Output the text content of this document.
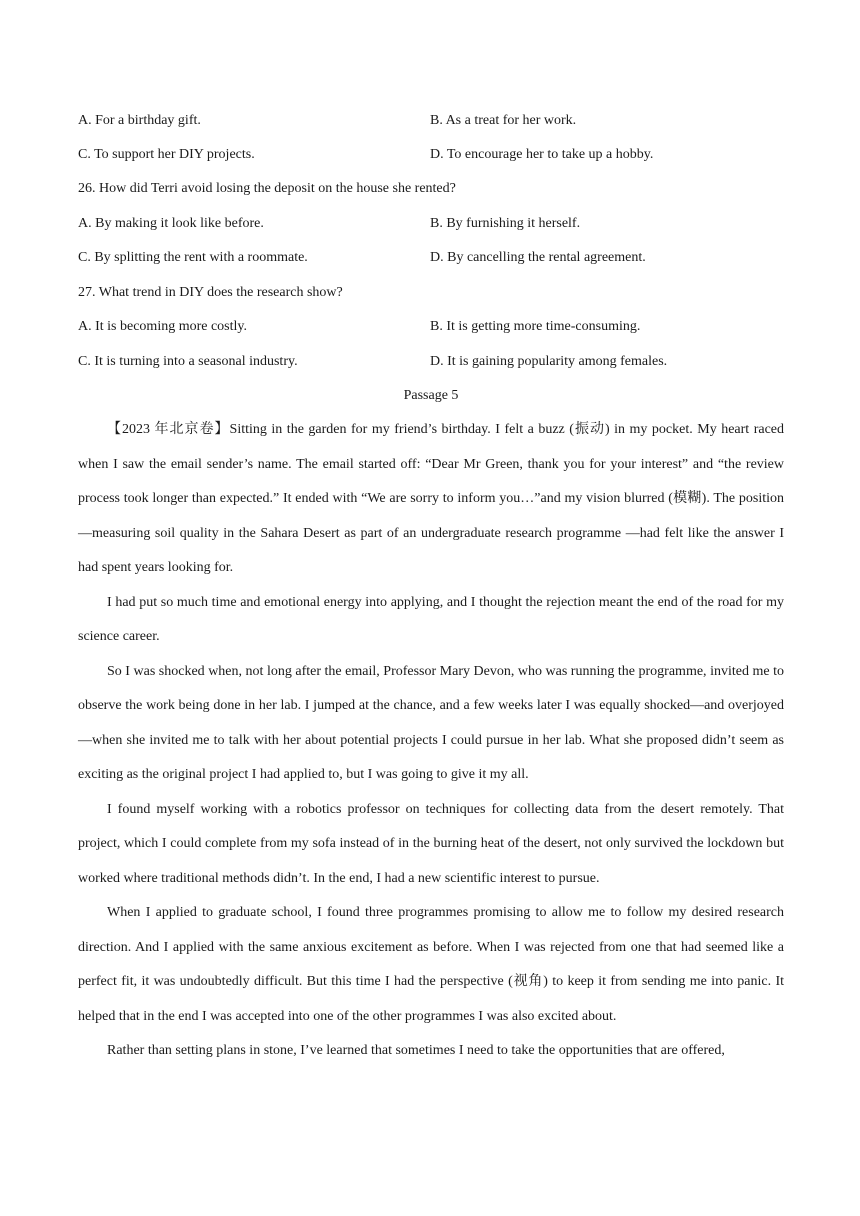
A. For a birthday gift.	B. As a treat for her work.
C. To support her DIY projects.	D. To encourage her to take up a hobby.
26. How did Terri avoid losing the deposit on the house she rented?
A. By making it look like before.	B. By furnishing it herself.
C. By splitting the rent with a roommate.	D. By cancelling the rental agreement.
27. What trend in DIY does the research show?
A. It is becoming more costly.	B. It is getting more time-consuming.
C. It is turning into a seasonal industry.	D. It is gaining popularity among females.
Passage 5

【2023 年北京卷】Sitting in the garden for my friend’s birthday. I felt a buzz (振动) in my pocket. My heart raced when I saw the email sender’s name. The email started off: “Dear Mr Green, thank you for your interest” and “the review process took longer than expected.” It ended with “We are sorry to inform you…”and my vision blurred (模糊). The position—measuring soil quality in the Sahara Desert as part of an undergraduate research programme —had felt like the answer I had spent years looking for.

I had put so much time and emotional energy into applying, and I thought the rejection meant the end of the road for my science career.

So I was shocked when, not long after the email, Professor Mary Devon, who was running the programme, invited me to observe the work being done in her lab. I jumped at the chance, and a few weeks later I was equally shocked—and overjoyed—when she invited me to talk with her about potential projects I could pursue in her lab. What she proposed didn’t seem as exciting as the original project I had applied to, but I was going to give it my all.

I found myself working with a robotics professor on techniques for collecting data from the desert remotely. That project, which I could complete from my sofa instead of in the burning heat of the desert, not only survived the lockdown but worked where traditional methods didn’t. In the end, I had a new scientific interest to pursue.

When I applied to graduate school, I found three programmes promising to allow me to follow my desired research direction. And I applied with the same anxious excitement as before. When I was rejected from one that had seemed like a perfect fit, it was undoubtedly difficult. But this time I had the perspective (视角) to keep it from sending me into panic. It helped that in the end I was accepted into one of the other programmes I was also excited about.

Rather than setting plans in stone, I’ve learned that sometimes I need to take the opportunities that are offered,
